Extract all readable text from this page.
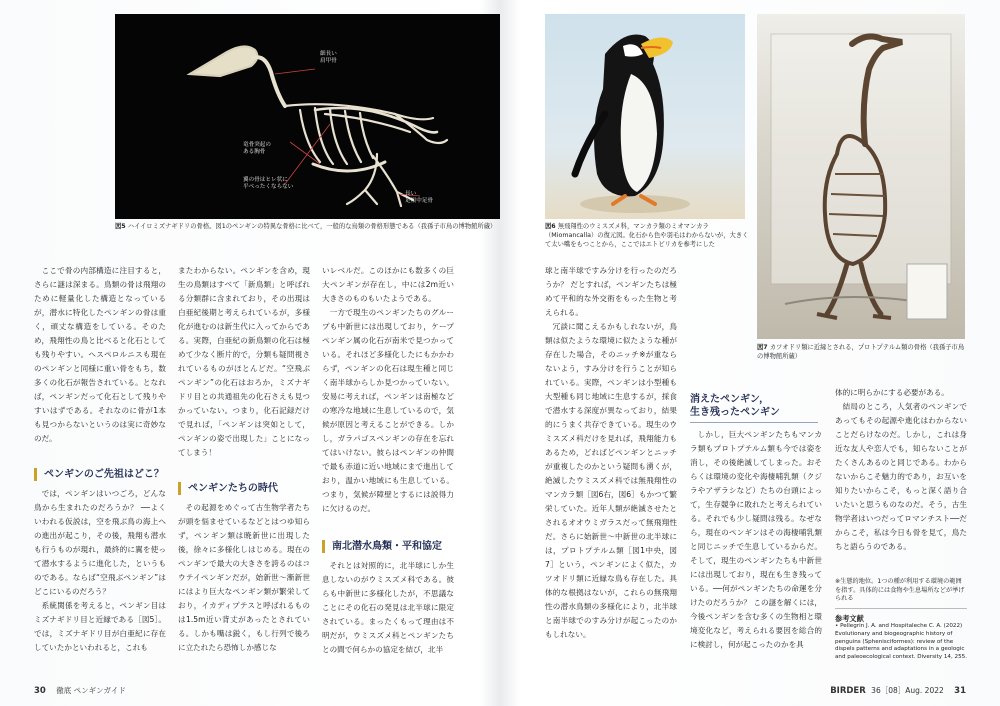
細長い
肩甲骨
竜骨突起の
ある胸骨
翼の骨はヒレ状に
平べったくならない
長い
足根中足骨
図5 ハイイロミズナギドリの骨格。図1のペンギンの特異な骨格に比べて，一般的な鳥類の骨格形態である（我孫子市鳥の博物館所蔵）	図6 無飛翔性のウミスズメ科，マンカラ類のミオマンカラ（Miomancalla）の復元図。化石から色や羽毛はわからないが，大きくて太い嘴をもつことから，ここではエトピリカを参考にした
図7 カツオドリ類に近縁とされる，プロトプテルム類の骨格（我孫子市鳥の博物館所蔵）

ここで骨の内部構造に注目すると，さらに謎は深まる。鳥類の骨は飛翔のために軽量化した構造となっているが，潜水に特化したペンギンの骨は重く，頑丈な構造をしている。そのため，飛翔性の鳥と比べると化石としても残りやすい。ヘスペロルニスも現在のペンギンと同様に重い骨をもち，数多くの化石が報告されている。となれば，ペンギンだって化石として残りやすいはずである。それなのに骨が1本も見つからないというのは実に奇妙なのだ。

ペンギンのご先祖はどこ？

では，ペンギンはいつごろ，どんな鳥から生まれたのだろうか？ ──よくいわれる仮説は，空を飛ぶ鳥の海上への進出が起こり，その後，飛翔も潜水も行うものが現れ，最終的に翼を使って潜水するように進化した，というものである。ならば“空飛ぶペンギン”はどこにいるのだろう？

系統関係を考えると，ペンギン目はミズナギドリ目と近縁である［図5］。では，ミズナギドリ目が白亜紀に存在していたかといわれると，これも

またわからない。ペンギンを含め，現生の鳥類はすべて「新鳥類」と呼ばれる分類群に含まれており，その出現は白亜紀後期と考えられているが，多様化が進むのは新生代に入ってからである。実際，白亜紀の新鳥類の化石は極めて少なく断片的で，分類も疑問視されているものがほとんどだ。“空飛ぶペンギン”の化石はおろか，ミズナギドリ目との共通祖先の化石さえも見つかっていない。つまり，化石記録だけで見れば，「ペンギンは突如として，ペンギンの姿で出現した」ことになってしまう！

ペンギンたちの時代

その起源をめぐって古生物学者たちが頭を悩ませているなどとはつゆ知らず，ペンギン類は暁新世に出現した後，徐々に多様化しはじめる。現在のペンギンで最大の大きさを誇るのはコウテイペンギンだが，始新世〜漸新世にはより巨大なペンギン類が繁栄しており，イカディプテスと呼ばれるものは1.5m近い背丈があったとされている。しかも嘴は鋭く，もし行列で後ろに立たれたら恐怖しか感じな

いレベルだ。このほかにも数多くの巨大ペンギンが存在し，中には2m近い大きさのものもいたようである。

一方で現生のペンギンたちのグループも中新世には出現しており，ケープペンギン属の化石が南米で見つかっている。それほど多様化したにもかかわらず，ペンギンの化石は現生種と同じく南半球からしか見つかっていない。安易に考えれば，ペンギンは南極などの寒冷な地域に生息しているので，気候が原因と考えることができる。しかし，ガラパゴスペンギンの存在を忘れてはいけない。彼らはペンギンの仲間で最も赤道に近い地域にまで進出しており，温かい地域にも生息している。つまり，気候が障壁とするには説得力に欠けるのだ。

南北潜水鳥類・平和協定

それとは対照的に，北半球にしか生息しないのがウミスズメ科である。彼らも中新世に多様化したが，不思議なことにその化石の発見は北半球に限定されている。まったくもって理由は不明だが，ウミスズメ科とペンギンたちとの間で何らかの協定を結び，北半

球と南半球ですみ分けを行ったのだろうか？ だとすれば，ペンギンたちは極めて平和的な外交術をもった生物と考えられる。

冗談に聞こえるかもしれないが，鳥類は似たような環境に似たような種が存在した場合，そのニッチ※が重ならないよう，すみ分けを行うことが知られている。実際，ペンギンは小型種も大型種も同じ地域に生息するが，採食で潜水する深度が異なっており，結果的にうまく共存できている。現生のウミスズメ科だけを見れば，飛翔能力もあるため，どればどペンギンとニッチが重複したのかという疑問も湧くが，絶滅したウミスズメ科では無飛翔性のマンカラ類［図6右，図6］もかつて繁栄していた。近年人類が絶滅させたとされるオオウミガラスだって無飛翔性だ。さらに始新世〜中新世の北半球には，プロトプテルム類［図1中央，図7］という，ペンギンによく似た，カツオドリ類に近縁な鳥も存在した。具体的な根拠はないが，これらの無飛翔性の潜水鳥類の多様化により，北半球と南半球でのすみ分けが起こったのかもしれない。

消えたペンギン，
生き残ったペンギン

しかし，巨大ペンギンたちもマンカラ類もプロトプテルム類も今では姿を消し，その後絶滅してしまった。おそらくは環境の変化や海棲哺乳類（クジラやアザラシなど）たちの台頭によって，生存競争に敗れたと考えられている。それでも少し疑問は残る。なぜなら，現在のペンギンはその海棲哺乳類と同じニッチで生息しているからだ。そして，現生のペンギンたちも中新世には出現しており，現在も生き残っている。──何がペンギンたちの命運を分けたのだろうか？ この謎を解くには，今後ペンギンを含む多くの生物相と環境変化など，考えられる要因を総合的に検討し，何が起こったのかを具

体的に明らかにする必要がある。

結局のところ，人気者のペンギンであってもその起源や進化はわからないことだらけなのだ。しかし，これは身近な友人や恋人でも，知らないことがたくさんあるのと同じである。わからないからこそ魅力的であり，お互いを知りたいからこそ，もっと深く語り合いたいと思うものなのだ。そう，古生物学者はいつだってロマンチスト──だからこそ，私は今日も骨を見て，鳥たちと語らうのである。

※生態的地位。1つの種が利用する環境の範囲を指す。具体的には食物や生息場所などが挙げられる
参考文献
• Pellegrin J. A. and Hospitaleche C. A. (2022) Evolutionary and biogeographic history of penguins (Sphenisciformes): review of the dispels patterns and adaptations in a geologic and paleoecological context. Diversity 14, 255.
30 徹底 ペンギンガイド	BIRDER 36［08］Aug. 2022 31
